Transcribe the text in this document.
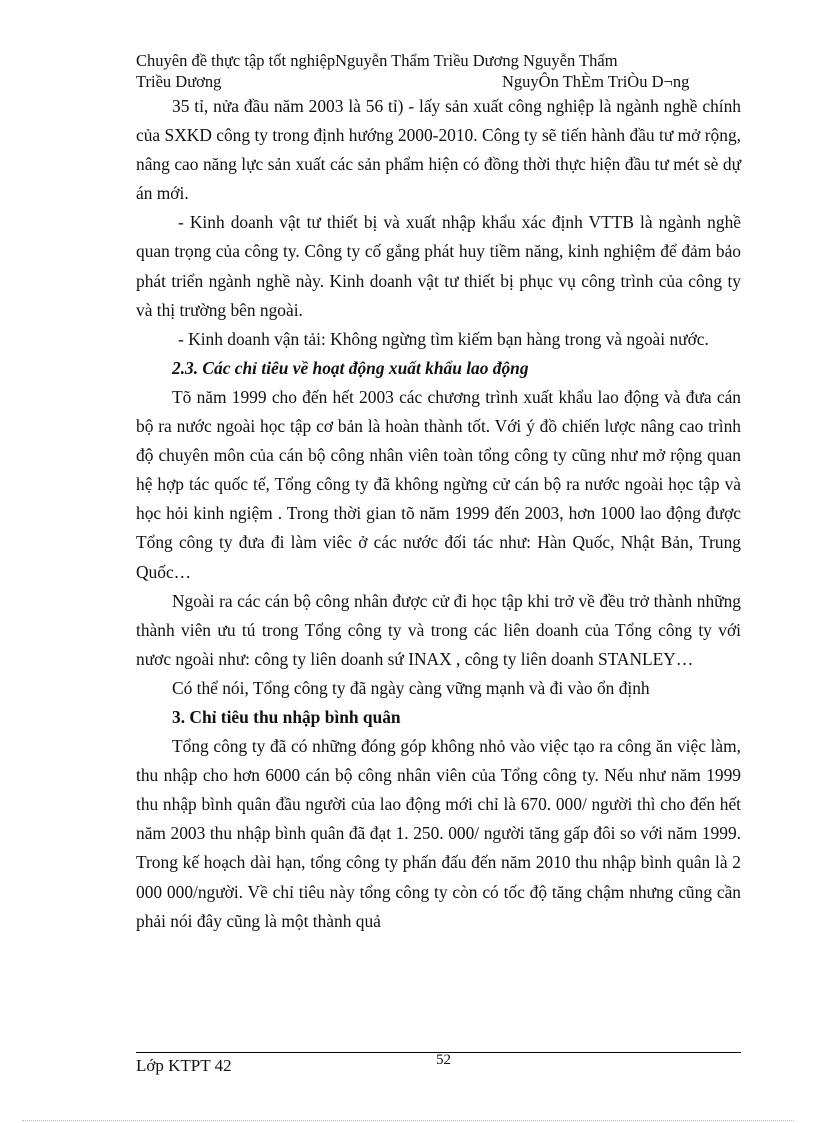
Chuyên đề thực tập tốt nghiệpNguyễn Thẩm Triều Dương Nguyễn Thẩm
Triều Dương	NguyÔn ThÈm TriÒu D¬ng

35 tỉ, nửa đầu năm 2003 là 56 tỉ) - lấy sản xuất công nghiệp là ngành nghề chính của SXKD công ty trong định hướng 2000-2010. Công ty sẽ tiến hành đầu tư mở rộng, nâng cao năng lực sản xuất các sản phẩm hiện có đồng thời thực hiện đầu tư mét sè dự án mới.

- Kinh doanh vật tư thiết bị và xuất nhập khẩu xác định VTTB là ngành nghề quan trọng của công ty. Công ty cố gắng phát huy tiềm năng, kinh nghiệm để đảm bảo phát triển ngành nghề này. Kinh doanh vật tư thiết bị phục vụ công trình của công ty và thị trường bên ngoài.

- Kinh doanh vận tải: Không ngừng tìm kiếm bạn hàng trong và ngoài nước.

2.3. Các chỉ tiêu về hoạt động xuất khẩu lao động

Tõ năm 1999 cho đến hết 2003 các chương trình xuất khẩu lao động và đưa cán bộ ra nước ngoài học tập cơ bản là hoàn thành tốt. Với ý đồ chiến lược nâng cao trình độ chuyên môn của cán bộ công nhân viên toàn tổng công ty cũng như mở rộng quan hệ hợp tác quốc tế, Tổng công ty đã không ngừng cử cán bộ ra nước ngoài học tập và học hỏi kinh ngiệm . Trong thời gian tõ năm 1999 đến 2003, hơn 1000 lao động được Tổng công ty đưa đi làm viêc ở các nước đối tác như: Hàn Quốc, Nhật Bản, Trung Quốc…

Ngoài ra các cán bộ công nhân được cử đi học tập khi trở về đều trở thành những thành viên ưu tú trong Tổng công ty và trong các liên doanh của Tổng công ty với nươc ngoài như: công ty liên doanh sứ INAX , công ty liên doanh STANLEY…

Có thể nói, Tổng công ty đã ngày càng vững mạnh và đi vào ổn định

3. Chỉ tiêu thu nhập bình quân

Tổng công ty đã có những đóng góp không nhỏ vào việc tạo ra công ăn việc làm, thu nhập cho hơn 6000 cán bộ công nhân viên của Tổng công ty. Nếu như năm 1999 thu nhập bình quân đầu người của lao động mới chỉ là 670. 000/ người thì cho đến hết năm 2003 thu nhập bình quân đã đạt 1. 250. 000/ người tăng gấp đôi so với năm 1999. Trong kế hoạch dài hạn, tổng công ty phấn đấu đến năm 2010 thu nhập bình quân là 2 000 000/người. Về chỉ tiêu này tổng công ty còn có tốc độ tăng chậm nhưng cũng cần phải nói đây cũng là một thành quả

52
Lớp KTPT 42
